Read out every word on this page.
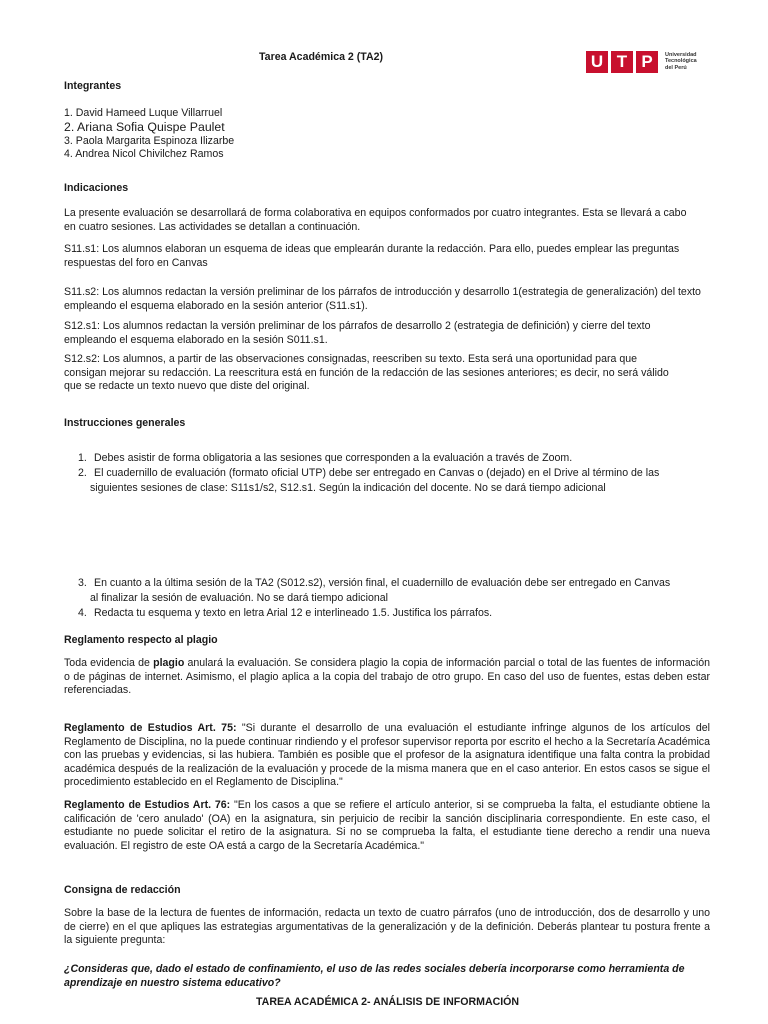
Tarea Académica 2 (TA2)	U T P	Universidad
Tecnológica
del Perú
Integrantes
1. David Hameed Luque Villarruel
2. Ariana Sofia Quispe Paulet
3. Paola Margarita Espinoza Ilizarbe
4. Andrea Nicol Chivilchez Ramos
Indicaciones
La presente evaluación se desarrollará de forma colaborativa en equipos conformados por cuatro integrantes. Esta se llevará a cabo en cuatro sesiones. Las actividades se detallan a continuación.
S11.s1: Los alumnos elaboran un esquema de ideas que emplearán durante la redacción. Para ello, puedes emplear las preguntas respuestas del foro en Canvas
S11.s2: Los alumnos redactan la versión preliminar de los párrafos de introducción y desarrollo 1(estrategia de generalización) del texto empleando el esquema elaborado en la sesión anterior (S11.s1).
S12.s1: Los alumnos redactan la versión preliminar de los párrafos de desarrollo 2 (estrategia de definición) y cierre del texto empleando el esquema elaborado en la sesión S011.s1.
S12.s2: Los alumnos, a partir de las observaciones consignadas, reescriben su texto. Esta será una oportunidad para que consigan mejorar su redacción. La reescritura está en función de la redacción de las sesiones anteriores; es decir, no será válido que se redacte un texto nuevo que diste del original.
Instrucciones generales
1. Debes asistir de forma obligatoria a las sesiones que corresponden a la evaluación a través de Zoom.
2. El cuadernillo de evaluación (formato oficial UTP) debe ser entregado en Canvas o (dejado) en el Drive al término de las
siguientes sesiones de clase: S11s1/s2, S12.s1. Según la indicación del docente. No se dará tiempo adicional
3. En cuanto a la última sesión de la TA2 (S012.s2), versión final, el cuadernillo de evaluación debe ser entregado en Canvas
al finalizar la sesión de evaluación. No se dará tiempo adicional
4. Redacta tu esquema y texto en letra Arial 12 e interlineado 1.5. Justifica los párrafos.
Reglamento respecto al plagio
Toda evidencia de plagio anulará la evaluación. Se considera plagio la copia de información parcial o total de las fuentes de información o de páginas de internet. Asimismo, el plagio aplica a la copia del trabajo de otro grupo. En caso del uso de fuentes, estas deben estar referenciadas.
Reglamento de Estudios Art. 75: "Si durante el desarrollo de una evaluación el estudiante infringe algunos de los artículos del Reglamento de Disciplina, no la puede continuar rindiendo y el profesor supervisor reporta por escrito el hecho a la Secretaría Académica con las pruebas y evidencias, si las hubiera. También es posible que el profesor de la asignatura identifique una falta contra la probidad académica después de la realización de la evaluación y procede de la misma manera que en el caso anterior. En estos casos se sigue el procedimiento establecido en el Reglamento de Disciplina."
Reglamento de Estudios Art. 76: "En los casos a que se refiere el artículo anterior, si se comprueba la falta, el estudiante obtiene la calificación de 'cero anulado' (OA) en la asignatura, sin perjuicio de recibir la sanción disciplinaria correspondiente. En este caso, el estudiante no puede solicitar el retiro de la asignatura. Si no se comprueba la falta, el estudiante tiene derecho a rendir una nueva evaluación. El registro de este OA está a cargo de la Secretaría Académica."
Consigna de redacción
Sobre la base de la lectura de fuentes de información, redacta un texto de cuatro párrafos (uno de introducción, dos de desarrollo y uno de cierre) en el que apliques las estrategias argumentativas de la generalización y de la definición. Deberás plantear tu postura frente a la siguiente pregunta:
¿Consideras que, dado el estado de confinamiento, el uso de las redes sociales debería incorporarse como herramienta de aprendizaje en nuestro sistema educativo?
TAREA ACADÉMICA 2- ANÁLISIS DE INFORMACIÓN
